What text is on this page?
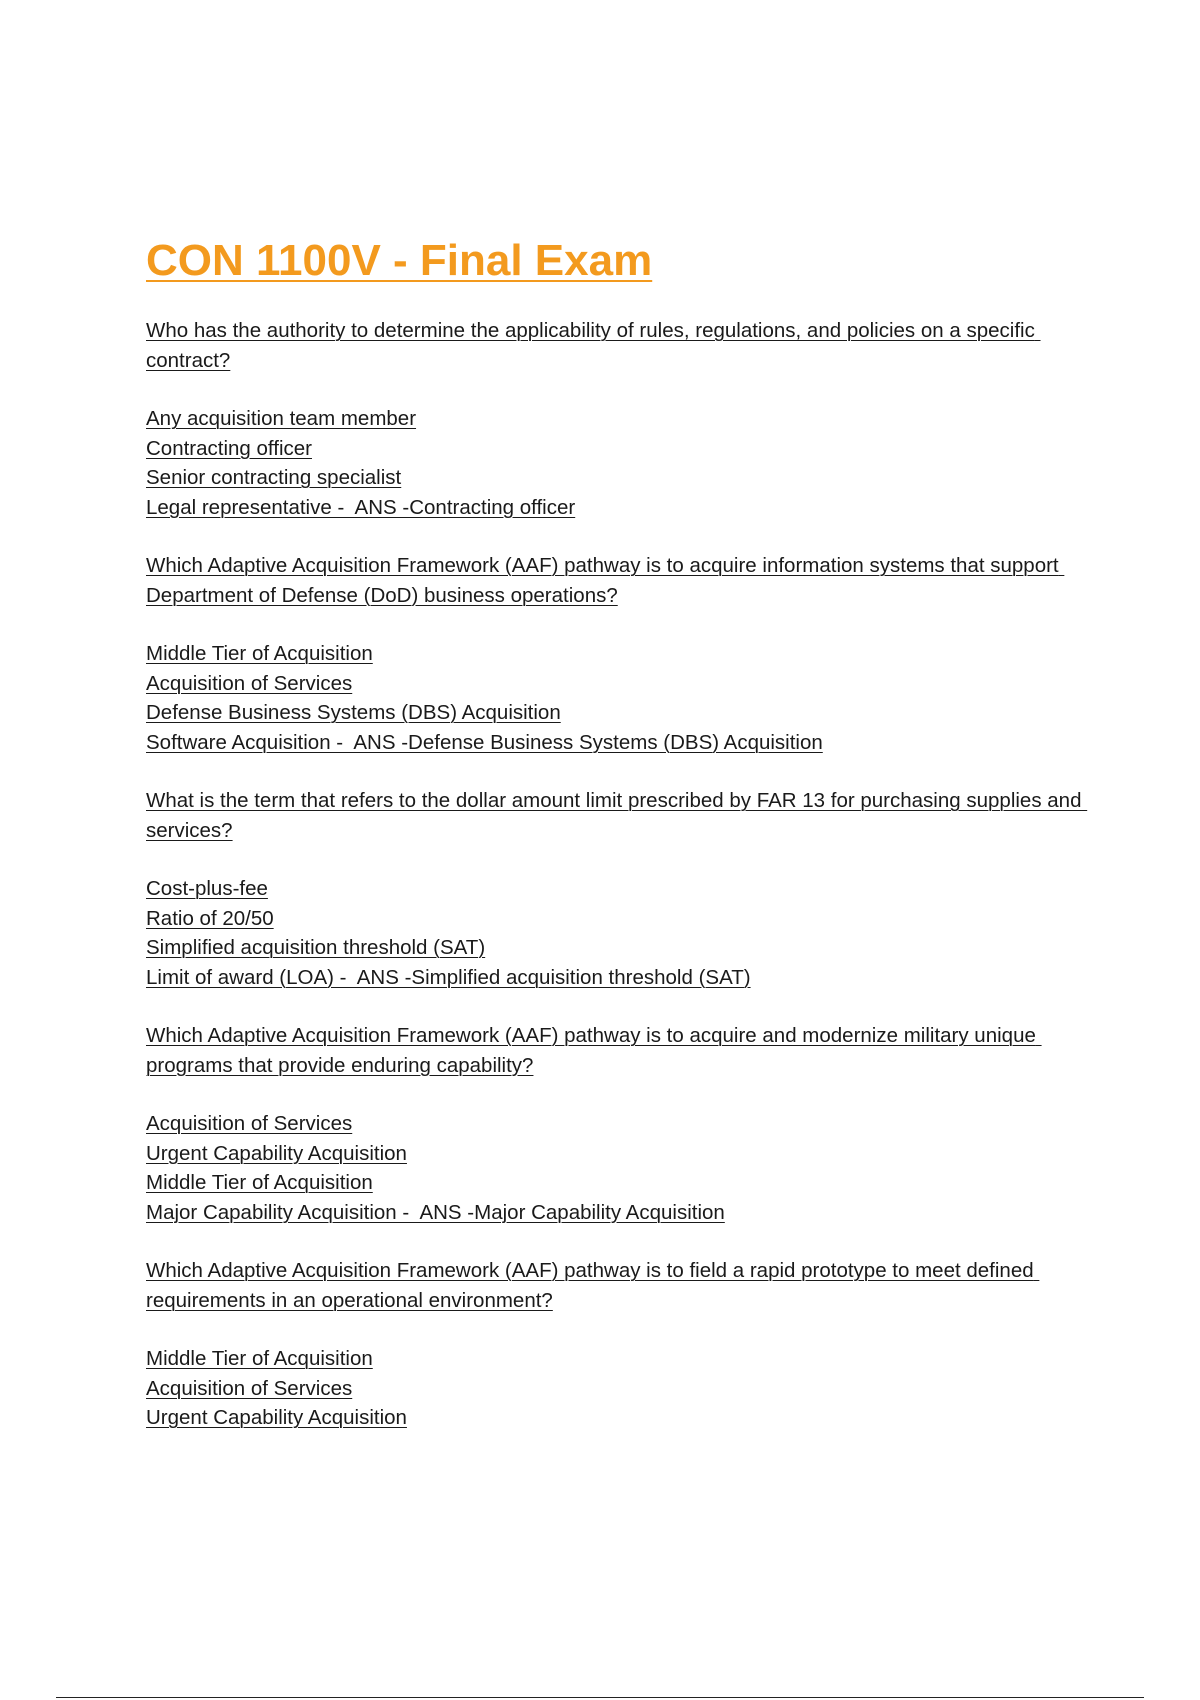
CON 1100V - Final Exam
Who has the authority to determine the applicability of rules, regulations, and policies on a specific contract?
Any acquisition team member
Contracting officer
Senior contracting specialist
Legal representative -  ANS -Contracting officer
Which Adaptive Acquisition Framework (AAF) pathway is to acquire information systems that support Department of Defense (DoD) business operations?
Middle Tier of Acquisition
Acquisition of Services
Defense Business Systems (DBS) Acquisition
Software Acquisition -  ANS -Defense Business Systems (DBS) Acquisition
What is the term that refers to the dollar amount limit prescribed by FAR 13 for purchasing supplies and services?
Cost-plus-fee
Ratio of 20/50
Simplified acquisition threshold (SAT)
Limit of award (LOA) -  ANS -Simplified acquisition threshold (SAT)
Which Adaptive Acquisition Framework (AAF) pathway is to acquire and modernize military unique programs that provide enduring capability?
Acquisition of Services
Urgent Capability Acquisition
Middle Tier of Acquisition
Major Capability Acquisition -  ANS -Major Capability Acquisition
Which Adaptive Acquisition Framework (AAF) pathway is to field a rapid prototype to meet defined requirements in an operational environment?
Middle Tier of Acquisition
Acquisition of Services
Urgent Capability Acquisition
